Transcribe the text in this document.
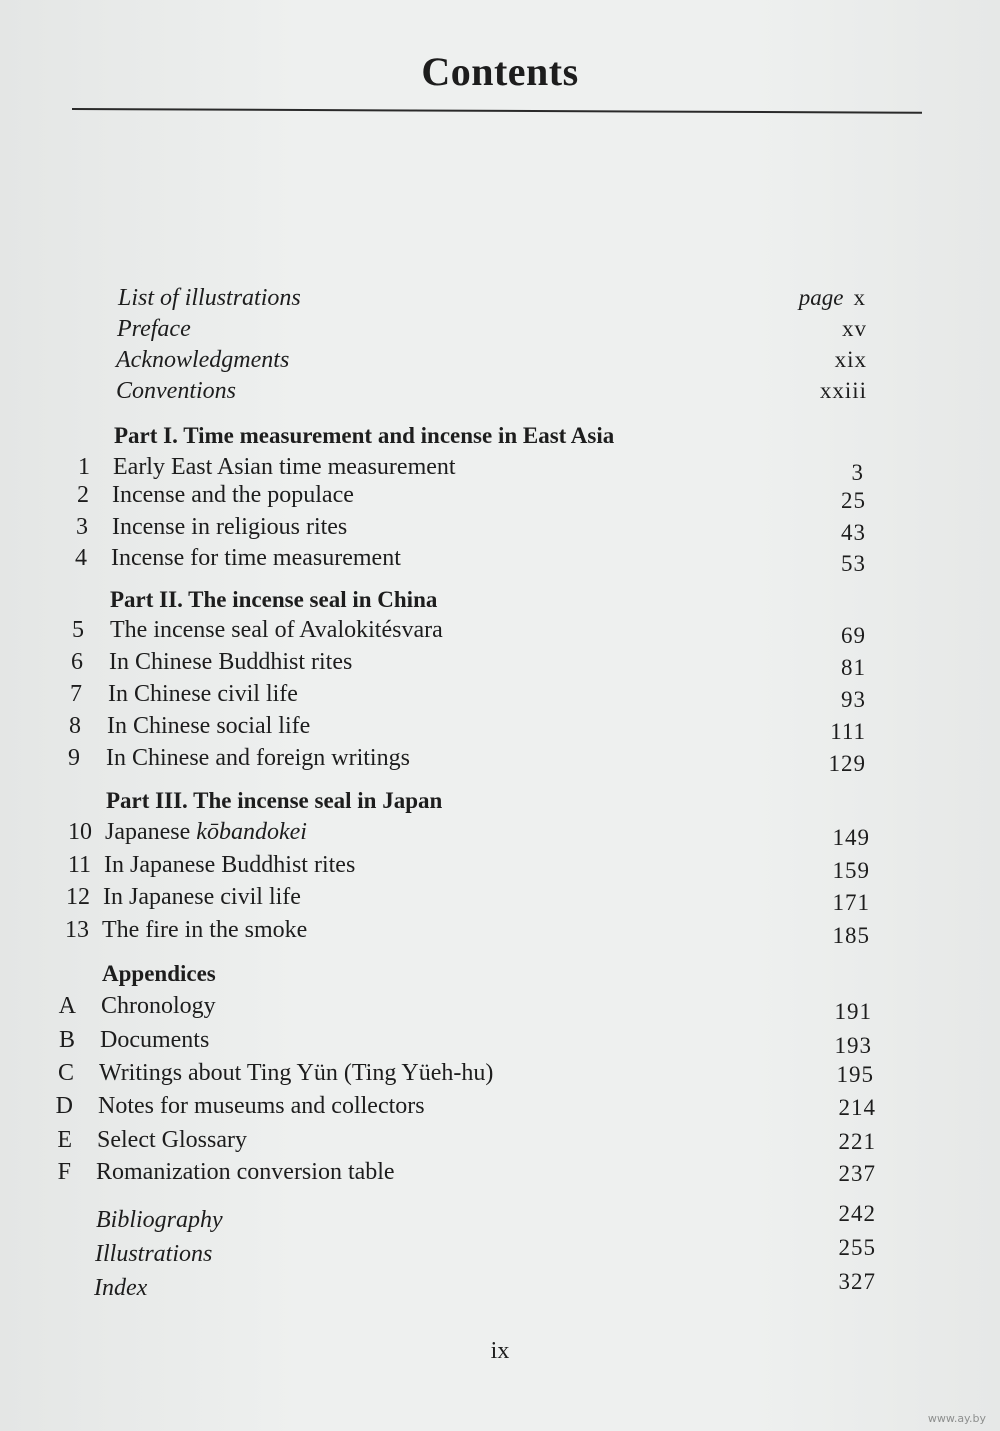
Contents
List of illustrations	page x
Preface	xv
Acknowledgments	xix
Conventions	xxiii
Part I. Time measurement and incense in East Asia
1 Early East Asian time measurement	3
2 Incense and the populace	25
3 Incense in religious rites	43
4 Incense for time measurement	53
Part II. The incense seal in China
5 The incense seal of Avalokitésvara	69
6 In Chinese Buddhist rites	81
7 In Chinese civil life	93
8 In Chinese social life	111
9 In Chinese and foreign writings	129
Part III. The incense seal in Japan
10 Japanese kōbandokei	149
11 In Japanese Buddhist rites	159
12 In Japanese civil life	171
13 The fire in the smoke	185
Appendices
A Chronology	191
B Documents	193
C Writings about Ting Yün (Ting Yüeh-hu)	195
D Notes for museums and collectors	214
E Select Glossary	221
F Romanization conversion table	237
Bibliography	242
Illustrations	255
Index	327
ix
www.ay.by
